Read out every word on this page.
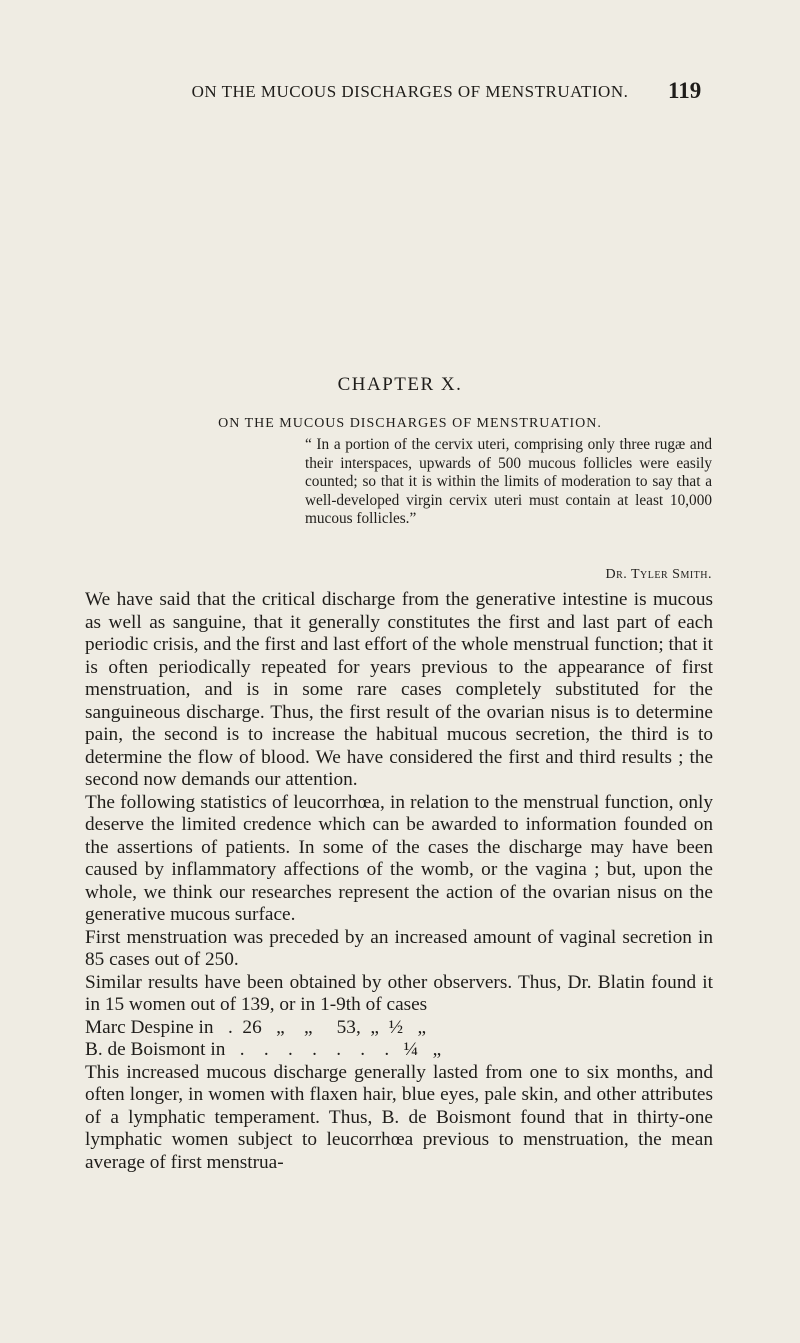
ON THE MUCOUS DISCHARGES OF MENSTRUATION.	119
CHAPTER X.
ON THE MUCOUS DISCHARGES OF MENSTRUATION.
“ In a portion of the cervix uteri, comprising only three rugæ and their interspaces, upwards of 500 mucous follicles were easily counted; so that it is within the limits of moderation to say that a well-developed virgin cervix uteri must contain at least 10,000 mucous follicles.”
Dr. Tyler Smith.

We have said that the critical discharge from the generative intestine is mucous as well as sanguine, that it generally constitutes the first and last part of each periodic crisis, and the first and last effort of the whole menstrual function; that it is often periodically repeated for years previous to the appearance of first menstruation, and is in some rare cases completely substituted for the sanguineous discharge. Thus, the first result of the ovarian nisus is to determine pain, the second is to increase the habitual mucous secretion, the third is to determine the flow of blood. We have considered the first and third results ; the second now demands our attention.

The following statistics of leucorrhœa, in relation to the menstrual function, only deserve the limited credence which can be awarded to information founded on the assertions of patients. In some of the cases the discharge may have been caused by inflammatory affections of the womb, or the vagina ; but, upon the whole, we think our researches represent the action of the ovarian nisus on the generative mucous surface.

First menstruation was preceded by an increased amount of vaginal secretion in 85 cases out of 250.

Similar results have been obtained by other observers. Thus, Dr. Blatin found it in 15 women out of 139, or in 1-9th of cases

Marc Despine in   .  26   „    „     53,  „  ½   „

B. de Boismont in   .    .    .    .    .    .    .   ¼   „

This increased mucous discharge generally lasted from one to six months, and often longer, in women with flaxen hair, blue eyes, pale skin, and other attributes of a lymphatic temperament. Thus, B. de Boismont found that in thirty-one lymphatic women subject to leucorrhœa previous to menstruation, the mean average of first menstrua-
